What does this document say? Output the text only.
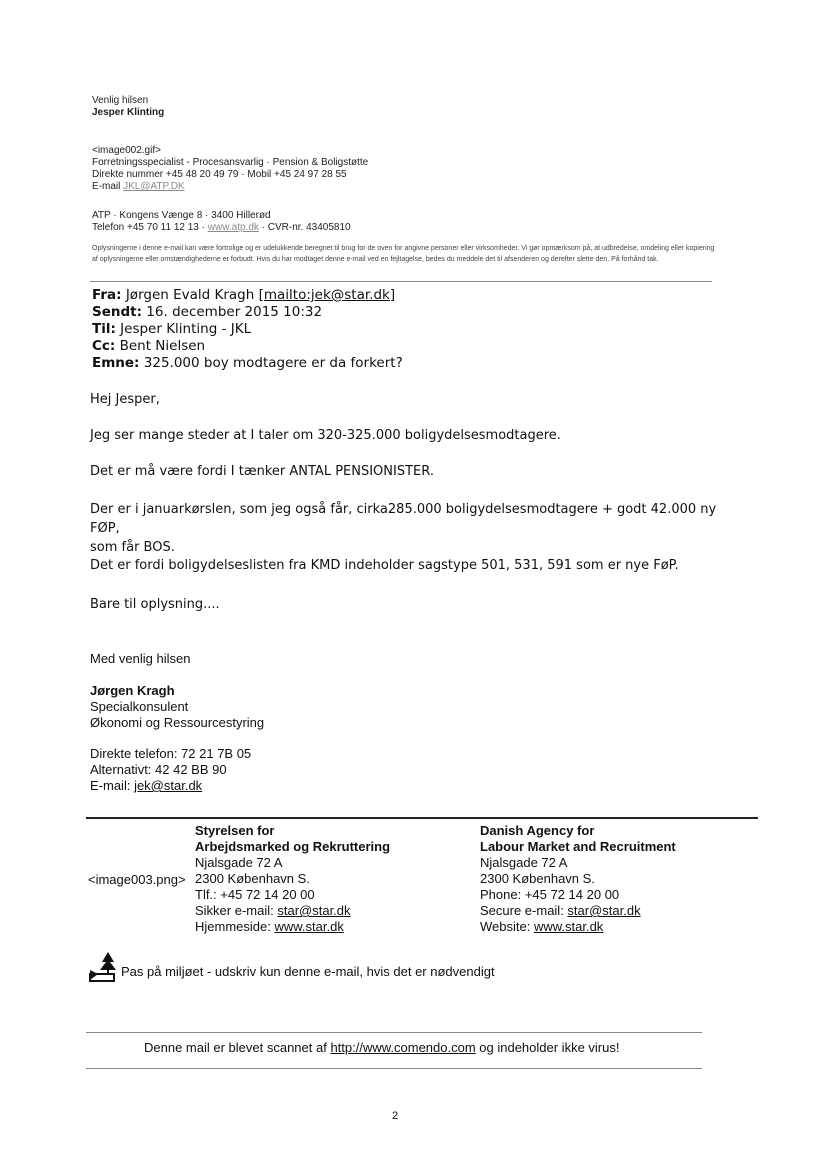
Venlig hilsen
Jesper Klinting
<image002.gif>
Forretningsspecialist - Procesansvarlig · Pension & Boligstøtte
Direkte nummer +45 48 20 49 79 · Mobil +45 24 97 28 55
E-mail JKL@ATP.DK
ATP · Kongens Vænge 8 · 3400 Hillerød
Telefon +45 70 11 12 13 · www.atp.dk · CVR-nr. 43405810
Oplysningerne i denne e-mail kan være fortrolige og er udelukkende beregnet til brug for de oven for angivne personer eller virksomheder. Vi gør opmærksom på, at udbredelse, omdeling eller kopiering af oplysningerne eller omstændighederne er forbudt. Hvis du har modtaget denne e-mail ved en fejltagelse, bedes du meddele det til afsenderen og derefter slette den. På forhånd tak.
Fra: Jørgen Evald Kragh [mailto:jek@star.dk]
Sendt: 16. december 2015 10:32
Til: Jesper Klinting - JKL
Cc: Bent Nielsen
Emne: 325.000 boy modtagere er da forkert?
Hej Jesper,
Jeg ser mange steder at I taler om 320-325.000 boligydelsesmodtagere.
Det er må være fordi I tænker ANTAL PENSIONISTER.
Der er i januarkørslen, som jeg også får, cirka285.000 boligydelsesmodtagere + godt 42.000 ny FØP,
som får BOS.
Det er fordi boligydelseslisten fra KMD indeholder sagstype 501, 531, 591 som er nye FøP.
Bare til oplysning....
Med venlig hilsen
Jørgen Kragh
Specialkonsulent
Økonomi og Ressourcestyring
Direkte telefon: 72 21 7B 05
Alternativt: 42 42 BB 90
E-mail: jek@star.dk
<image003.png>
Styrelsen for
Arbejdsmarked og Rekruttering
Njalsgade 72 A
2300 København S.
Tlf.: +45 72 14 20 00
Sikker e-mail: star@star.dk
Hjemmeside: www.star.dk
Danish Agency for
Labour Market and Recruitment
Njalsgade 72 A
2300 København S.
Phone: +45 72 14 20 00
Secure e-mail: star@star.dk
Website: www.star.dk
Pas på miljøet - udskriv kun denne e-mail, hvis det er nødvendigt
Denne mail er blevet scannet af http://www.comendo.com og indeholder ikke virus!
2
